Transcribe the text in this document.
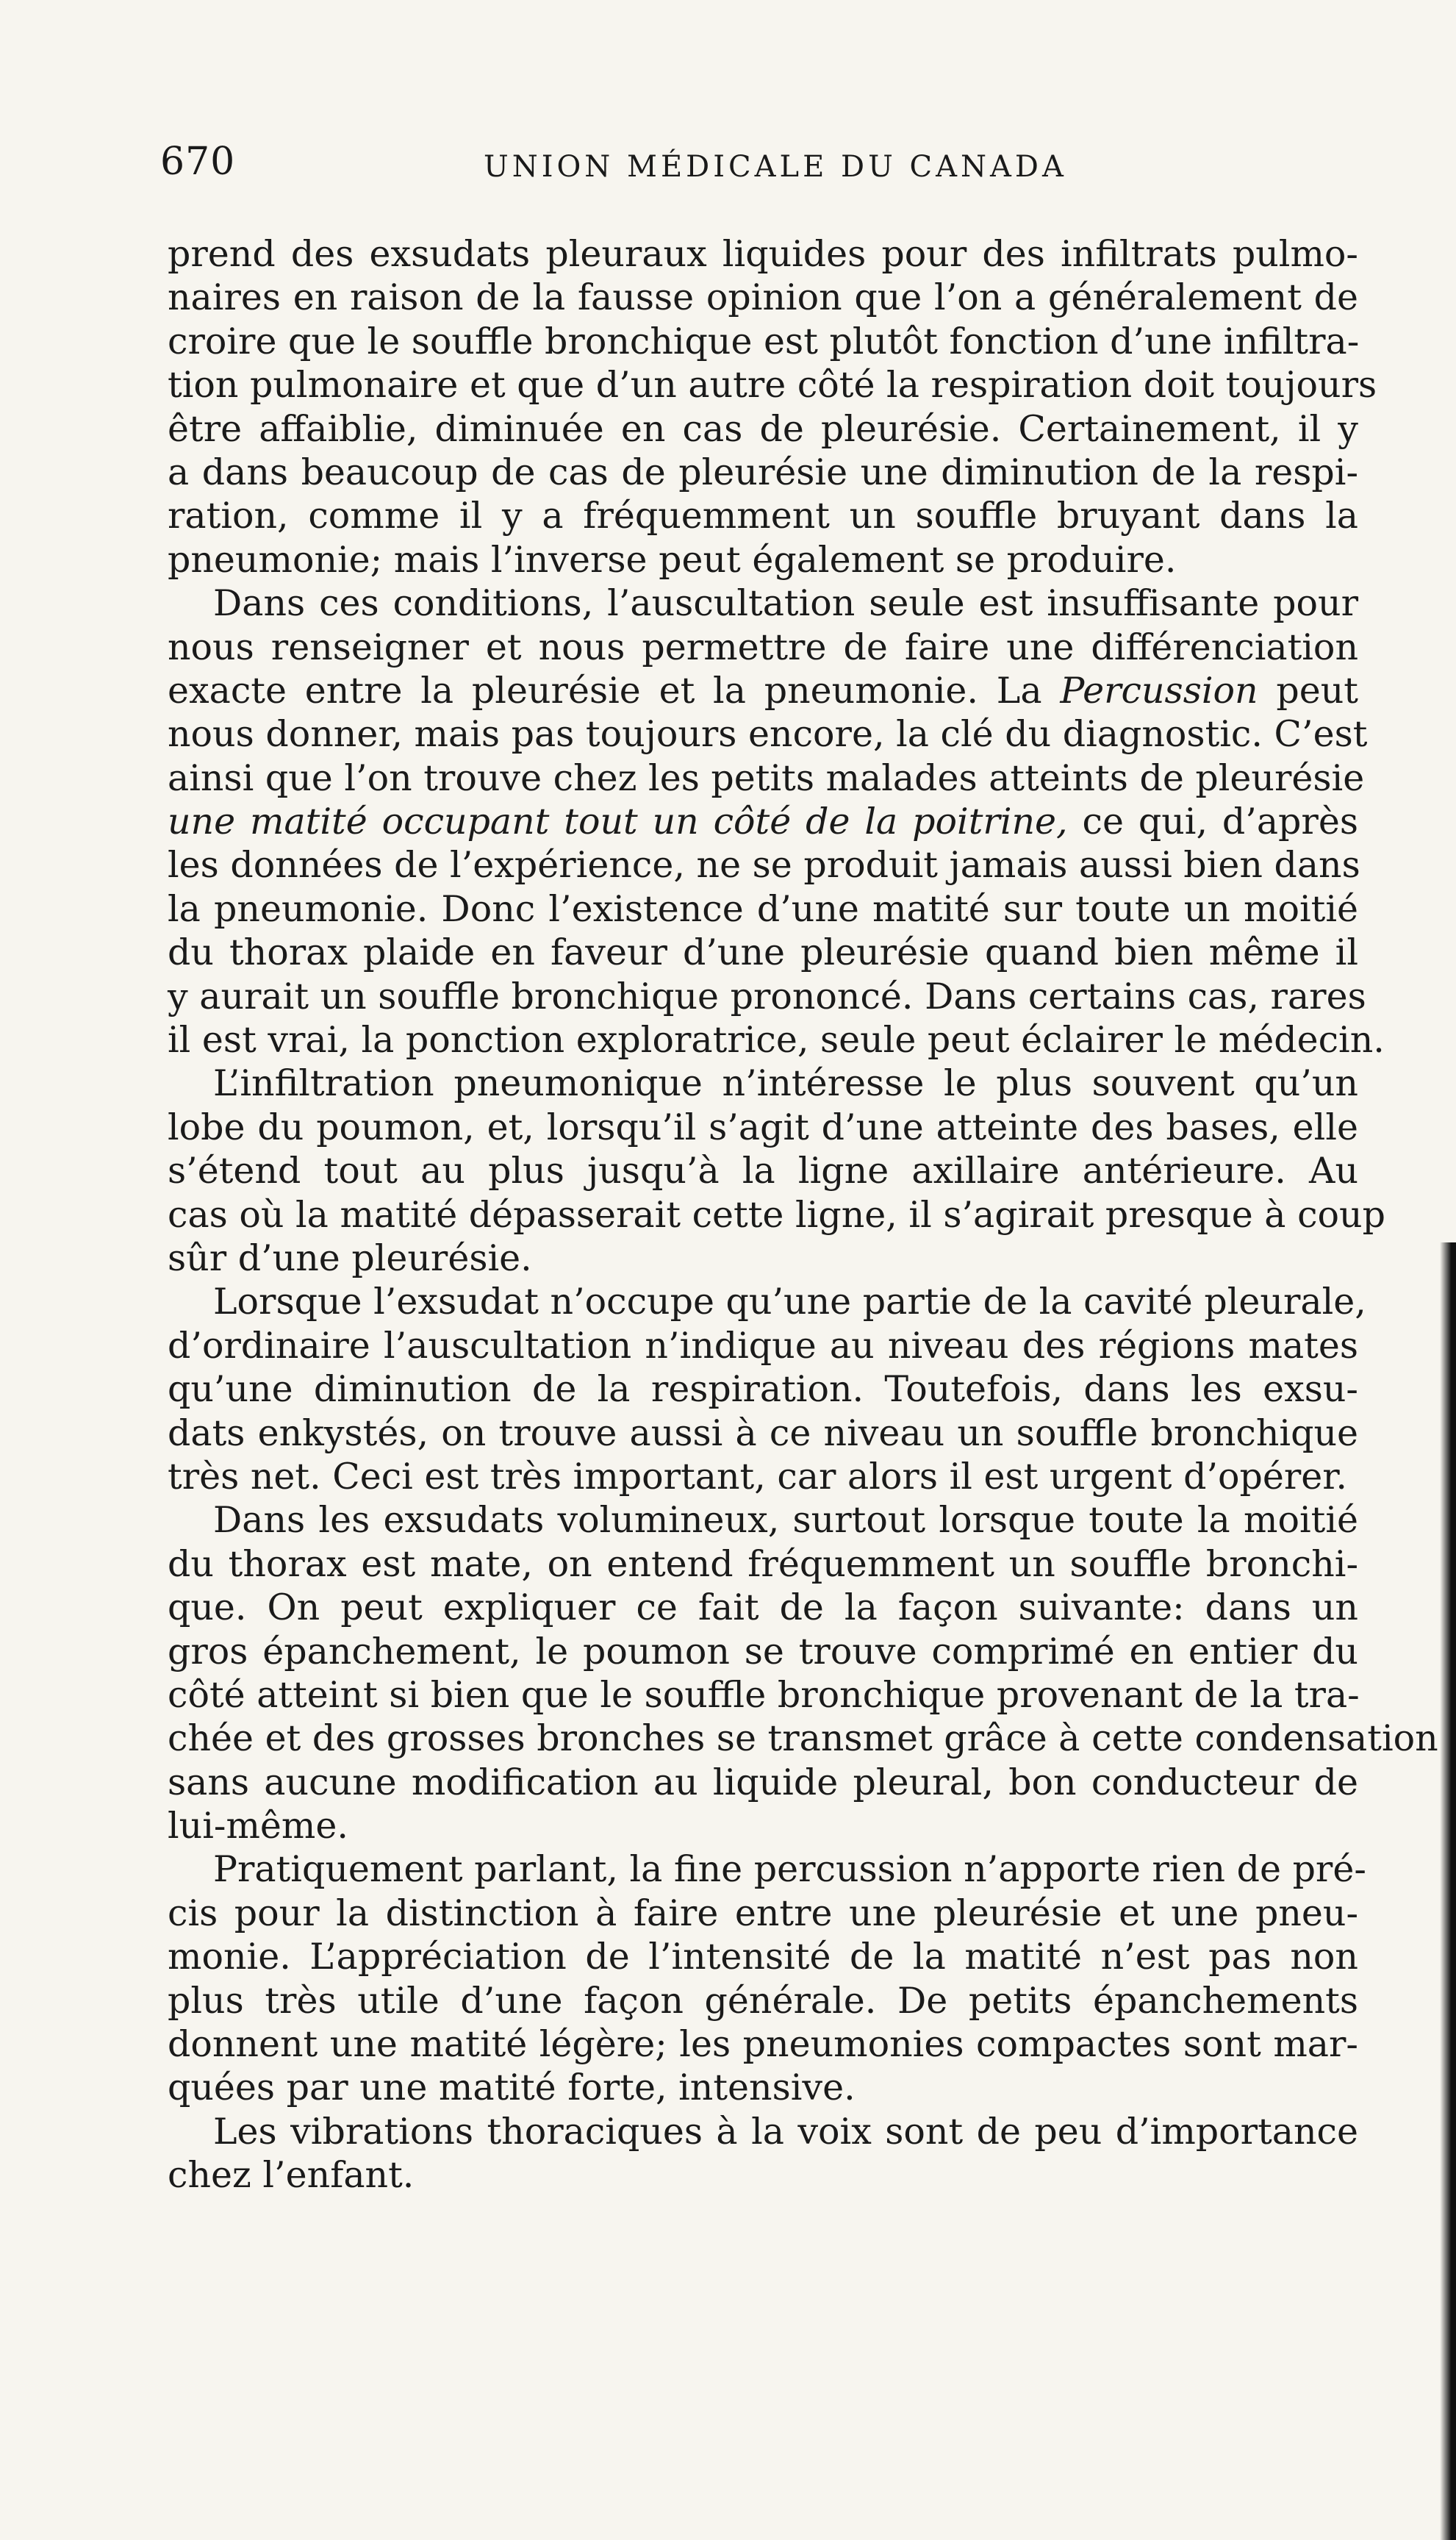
670	UNION MÉDICALE DU CANADA
prend des exsudats pleuraux liquides pour des infiltrats pulmo-
naires en raison de la fausse opinion que l’on a généralement de
croire que le souffle bronchique est plutôt fonction d’une infiltra-
tion pulmonaire et que d’un autre côté la respiration doit toujours
être affaiblie, diminuée en cas de pleurésie. Certainement, il y
a dans beaucoup de cas de pleurésie une diminution de la respi-
ration, comme il y a fréquemment un souffle bruyant dans la
pneumonie; mais l’inverse peut également se produire.
Dans ces conditions, l’auscultation seule est insuffisante pour
nous renseigner et nous permettre de faire une différenciation
exacte entre la pleurésie et la pneumonie. La Percussion peut
nous donner, mais pas toujours encore, la clé du diagnostic. C’est
ainsi que l’on trouve chez les petits malades atteints de pleurésie
une matité occupant tout un côté de la poitrine, ce qui, d’après
les données de l’expérience, ne se produit jamais aussi bien dans
la pneumonie. Donc l’existence d’une matité sur toute un moitié
du thorax plaide en faveur d’une pleurésie quand bien même il
y aurait un souffle bronchique prononcé. Dans certains cas, rares
il est vrai, la ponction exploratrice, seule peut éclairer le médecin.
L’infiltration pneumonique n’intéresse le plus souvent qu’un
lobe du poumon, et, lorsqu’il s’agit d’une atteinte des bases, elle
s’étend tout au plus jusqu’à la ligne axillaire antérieure. Au
cas où la matité dépasserait cette ligne, il s’agirait presque à coup
sûr d’une pleurésie.
Lorsque l’exsudat n’occupe qu’une partie de la cavité pleurale,
d’ordinaire l’auscultation n’indique au niveau des régions mates
qu’une diminution de la respiration. Toutefois, dans les exsu-
dats enkystés, on trouve aussi à ce niveau un souffle bronchique
très net. Ceci est très important, car alors il est urgent d’opérer.
Dans les exsudats volumineux, surtout lorsque toute la moitié
du thorax est mate, on entend fréquemment un souffle bronchi-
que. On peut expliquer ce fait de la façon suivante: dans un
gros épanchement, le poumon se trouve comprimé en entier du
côté atteint si bien que le souffle bronchique provenant de la tra-
chée et des grosses bronches se transmet grâce à cette condensation
sans aucune modification au liquide pleural, bon conducteur de
lui-même.
Pratiquement parlant, la fine percussion n’apporte rien de pré-
cis pour la distinction à faire entre une pleurésie et une pneu-
monie. L’appréciation de l’intensité de la matité n’est pas non
plus très utile d’une façon générale. De petits épanchements
donnent une matité légère; les pneumonies compactes sont mar-
quées par une matité forte, intensive.
Les vibrations thoraciques à la voix sont de peu d’importance
chez l’enfant.
